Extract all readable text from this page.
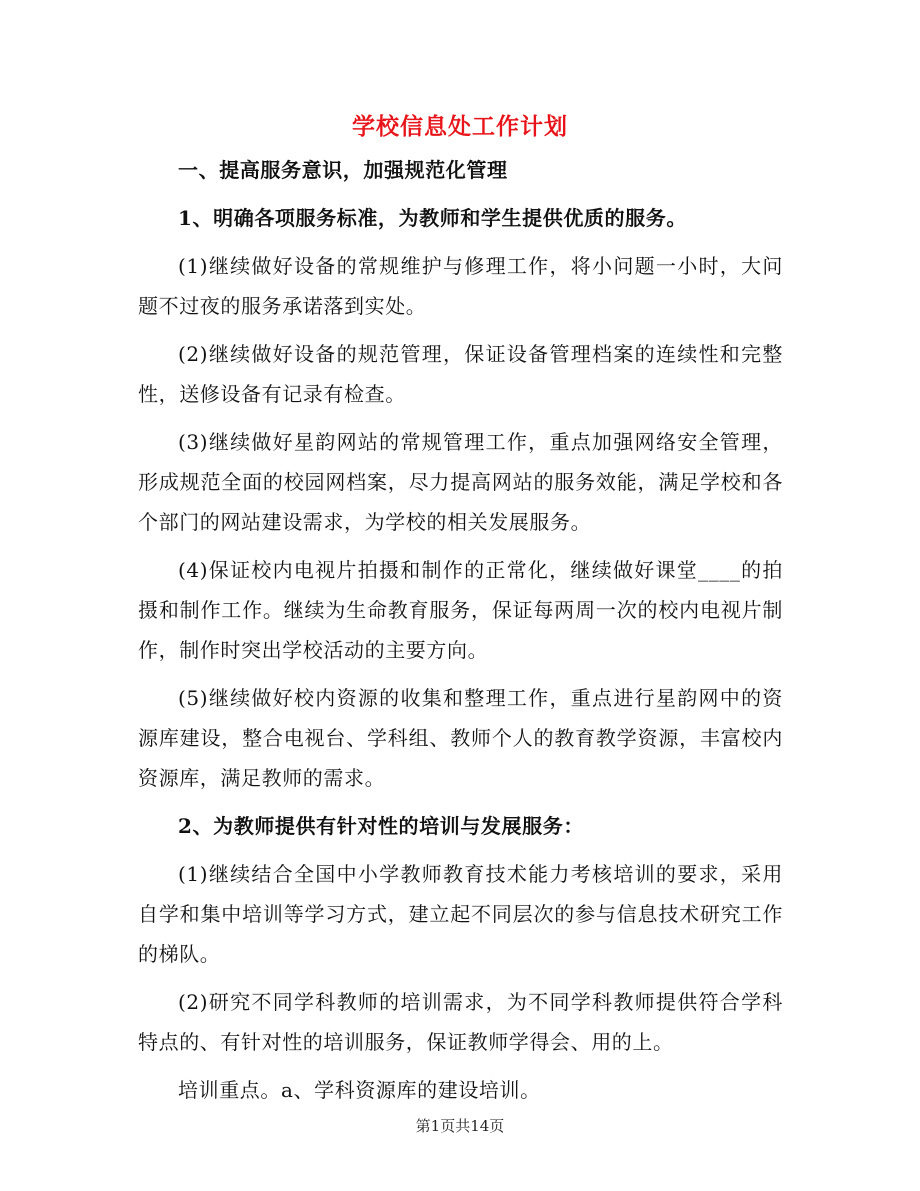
学校信息处工作计划
一、提高服务意识，加强规范化管理
1、明确各项服务标准，为教师和学生提供优质的服务。
(1)继续做好设备的常规维护与修理工作，将小问题一小时，大问题不过夜的服务承诺落到实处。
(2)继续做好设备的规范管理，保证设备管理档案的连续性和完整性，送修设备有记录有检查。
(3)继续做好星韵网站的常规管理工作，重点加强网络安全管理，形成规范全面的校园网档案，尽力提高网站的服务效能，满足学校和各个部门的网站建设需求，为学校的相关发展服务。
(4)保证校内电视片拍摄和制作的正常化，继续做好课堂____的拍摄和制作工作。继续为生命教育服务，保证每两周一次的校内电视片制作，制作时突出学校活动的主要方向。
(5)继续做好校内资源的收集和整理工作，重点进行星韵网中的资源库建设，整合电视台、学科组、教师个人的教育教学资源，丰富校内资源库，满足教师的需求。
2、为教师提供有针对性的培训与发展服务：
(1)继续结合全国中小学教师教育技术能力考核培训的要求，采用自学和集中培训等学习方式，建立起不同层次的参与信息技术研究工作的梯队。
(2)研究不同学科教师的培训需求，为不同学科教师提供符合学科特点的、有针对性的培训服务，保证教师学得会、用的上。
培训重点。a、学科资源库的建设培训。
第1页共14页
